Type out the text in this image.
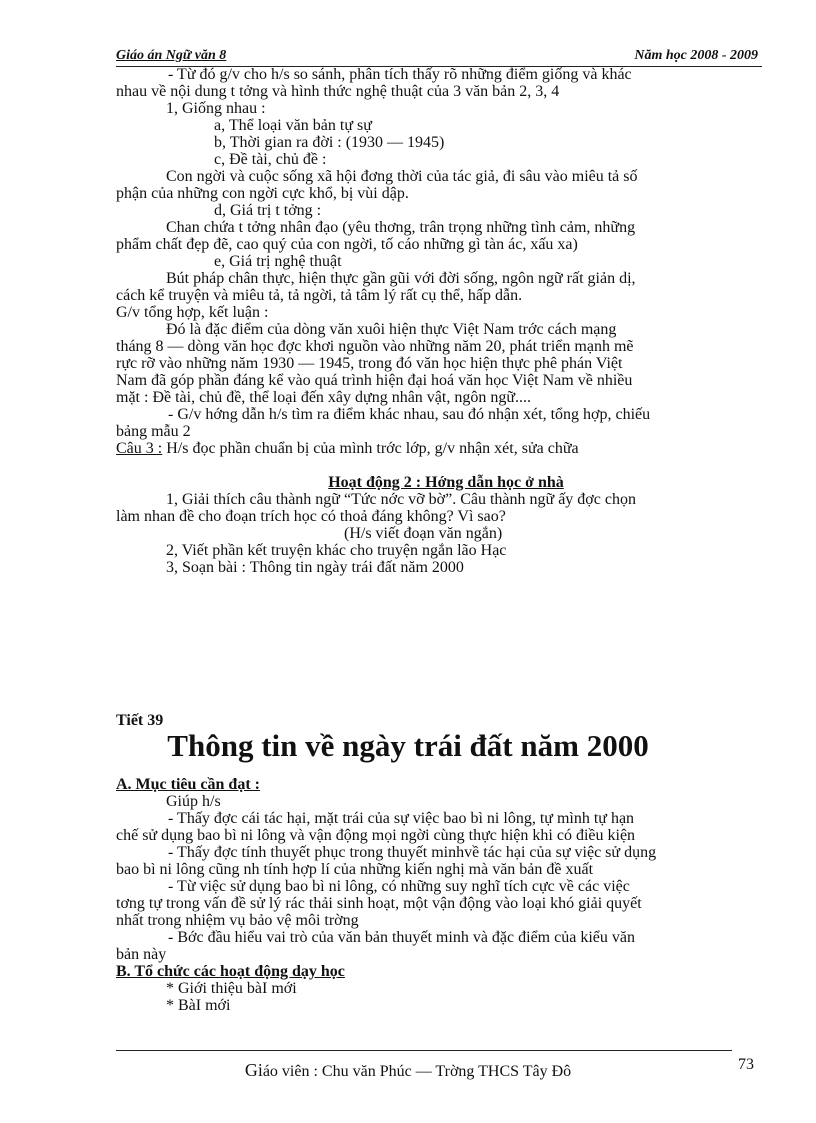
Giáo án Ngữ văn 8	Năm học 2008 - 2009
- Từ đó g/v cho h/s so sánh, phân tích thấy rõ những điểm giống và khác
nhau về nội dung t tởng và hình thức nghệ thuật của 3 văn bản 2, 3, 4
1, Giống nhau :
a, Thể loại văn bản tự sự
b, Thời gian ra đời : (1930 — 1945)
c, Đề tài, chủ đề :
Con ngời và cuộc sống xã hội đơng thời của tác giả, đi sâu vào miêu tả số
phận của những con ngời cực khổ, bị vùi dập.
d, Giá trị t tởng :
Chan chứa t tởng nhân đạo (yêu thơng, trân trọng những tình cảm, những
phẩm chất đẹp đẽ, cao quý của con ngời, tố cáo những gì tàn ác, xấu xa)
e, Giá trị nghệ thuật
Bút pháp chân thực, hiện thực gần gũi với đời sống, ngôn ngữ rất giản dị,
cách kể truyện và miêu tả, tả ngời, tả tâm lý rất cụ thể, hấp dẫn.
G/v tổng hợp, kết luận :
Đó là đặc điểm của dòng văn xuôi hiện thực Việt Nam trớc cách mạng
tháng 8 — dòng văn học đợc khơi nguồn vào những năm 20, phát triển mạnh mẽ
rực rỡ vào những năm 1930 — 1945, trong đó văn học hiện thực phê phán Việt
Nam đã góp phần đáng kể vào quá trình hiện đại hoá văn học Việt Nam về nhiều
mặt : Đề tài, chủ đề, thể loại đến xây dựng nhân vật, ngôn ngữ....
- G/v hớng dẫn h/s tìm ra điểm khác nhau, sau đó nhận xét, tổng hợp, chiếu
bảng mẫu 2
Câu 3 : H/s đọc phần chuẩn bị của mình trớc lớp, g/v nhận xét, sửa chữa
Hoạt động 2 : Hớng dẫn học ở nhà
1, Giải thích câu thành ngữ “Tức nớc vỡ bờ”. Câu thành ngữ ấy đợc chọn
làm nhan đề cho đoạn trích học có thoả đáng không? Vì sao?
(H/s viết đoạn văn ngắn)
2, Viết phần kết truyện khác cho truyện ngắn lão Hạc
3, Soạn bài : Thông tin ngày trái đất năm 2000
Tiết 39
Thông tin về ngày trái đất năm 2000
A. Mục tiêu cần đạt :
Giúp h/s
- Thấy đợc cái tác hại, mặt trái của sự việc bao bì ni lông, tự mình tự hạn
chế sử dụng bao bì ni lông và vận động mọi ngời cùng thực hiện khi có điều kiện
- Thấy đợc tính thuyết phục trong thuyết minhvề tác hại của sự việc sử dụng
bao bì ni lông cũng nh tính hợp lí của những kiến nghị mà văn bản đề xuất
- Từ việc sử dụng bao bì ni lông, có những suy nghĩ tích cực về các việc
tơng tự trong vấn đề sử lý rác thải sinh hoạt, một vận động vào loại khó giải quyết
nhất trong nhiệm vụ bảo vệ môi trờng
- Bớc đầu hiểu vai trò của văn bản thuyết minh và đặc điểm của kiểu văn
bản này
B. Tổ chức các hoạt động dạy học
* Giới thiệu bàI mới
* BàI mới
Giáo viên : Chu văn Phúc — Trờng THCS Tây Đô	73
